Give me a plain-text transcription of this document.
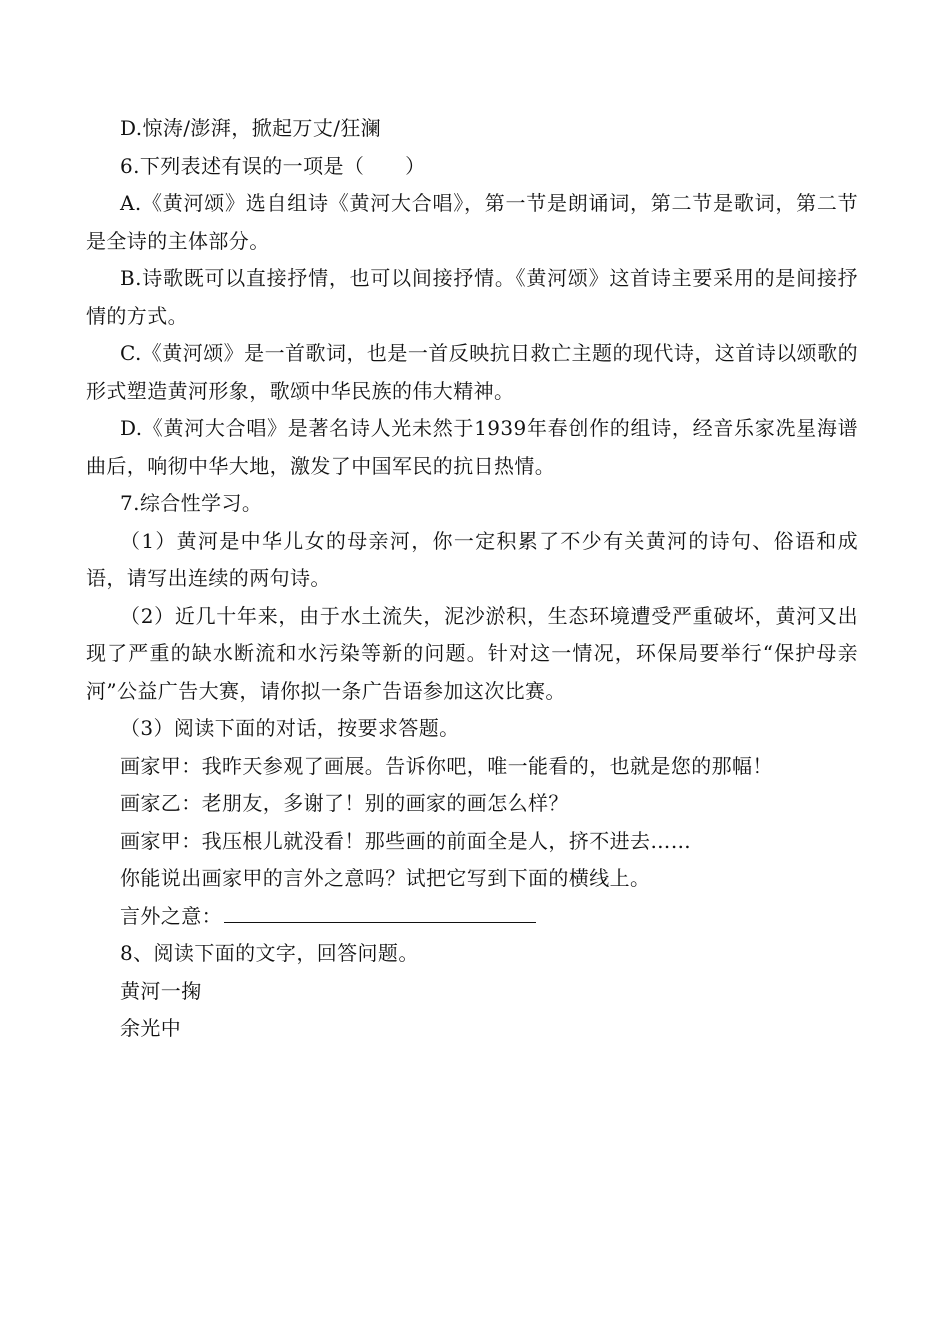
D.惊涛/澎湃，掀起万丈/狂澜

6.下列表述有误的一项是（　　）

A.《黄河颂》选自组诗《黄河大合唱》，第一节是朗诵词，第二节是歌词，第二节是全诗的主体部分。

B.诗歌既可以直接抒情，也可以间接抒情。《黄河颂》这首诗主要采用的是间接抒情的方式。

C.《黄河颂》是一首歌词，也是一首反映抗日救亡主题的现代诗，这首诗以颂歌的形式塑造黄河形象，歌颂中华民族的伟大精神。

D.《黄河大合唱》是著名诗人光未然于1939年春创作的组诗，经音乐家冼星海谱曲后，响彻中华大地，激发了中国军民的抗日热情。

7.综合性学习。

（1）黄河是中华儿女的母亲河，你一定积累了不少有关黄河的诗句、俗语和成语，请写出连续的两句诗。

（2）近几十年来，由于水土流失，泥沙淤积，生态环境遭受严重破坏，黄河又出现了严重的缺水断流和水污染等新的问题。针对这一情况，环保局要举行“保护母亲河”公益广告大赛，请你拟一条广告语参加这次比赛。

（3）阅读下面的对话，按要求答题。

画家甲：我昨天参观了画展。告诉你吧，唯一能看的，也就是您的那幅！

画家乙：老朋友，多谢了！别的画家的画怎么样？

画家甲：我压根儿就没看！那些画的前面全是人，挤不进去……

你能说出画家甲的言外之意吗？试把它写到下面的横线上。

言外之意：

8、阅读下面的文字，回答问题。

黄河一掬

余光中
